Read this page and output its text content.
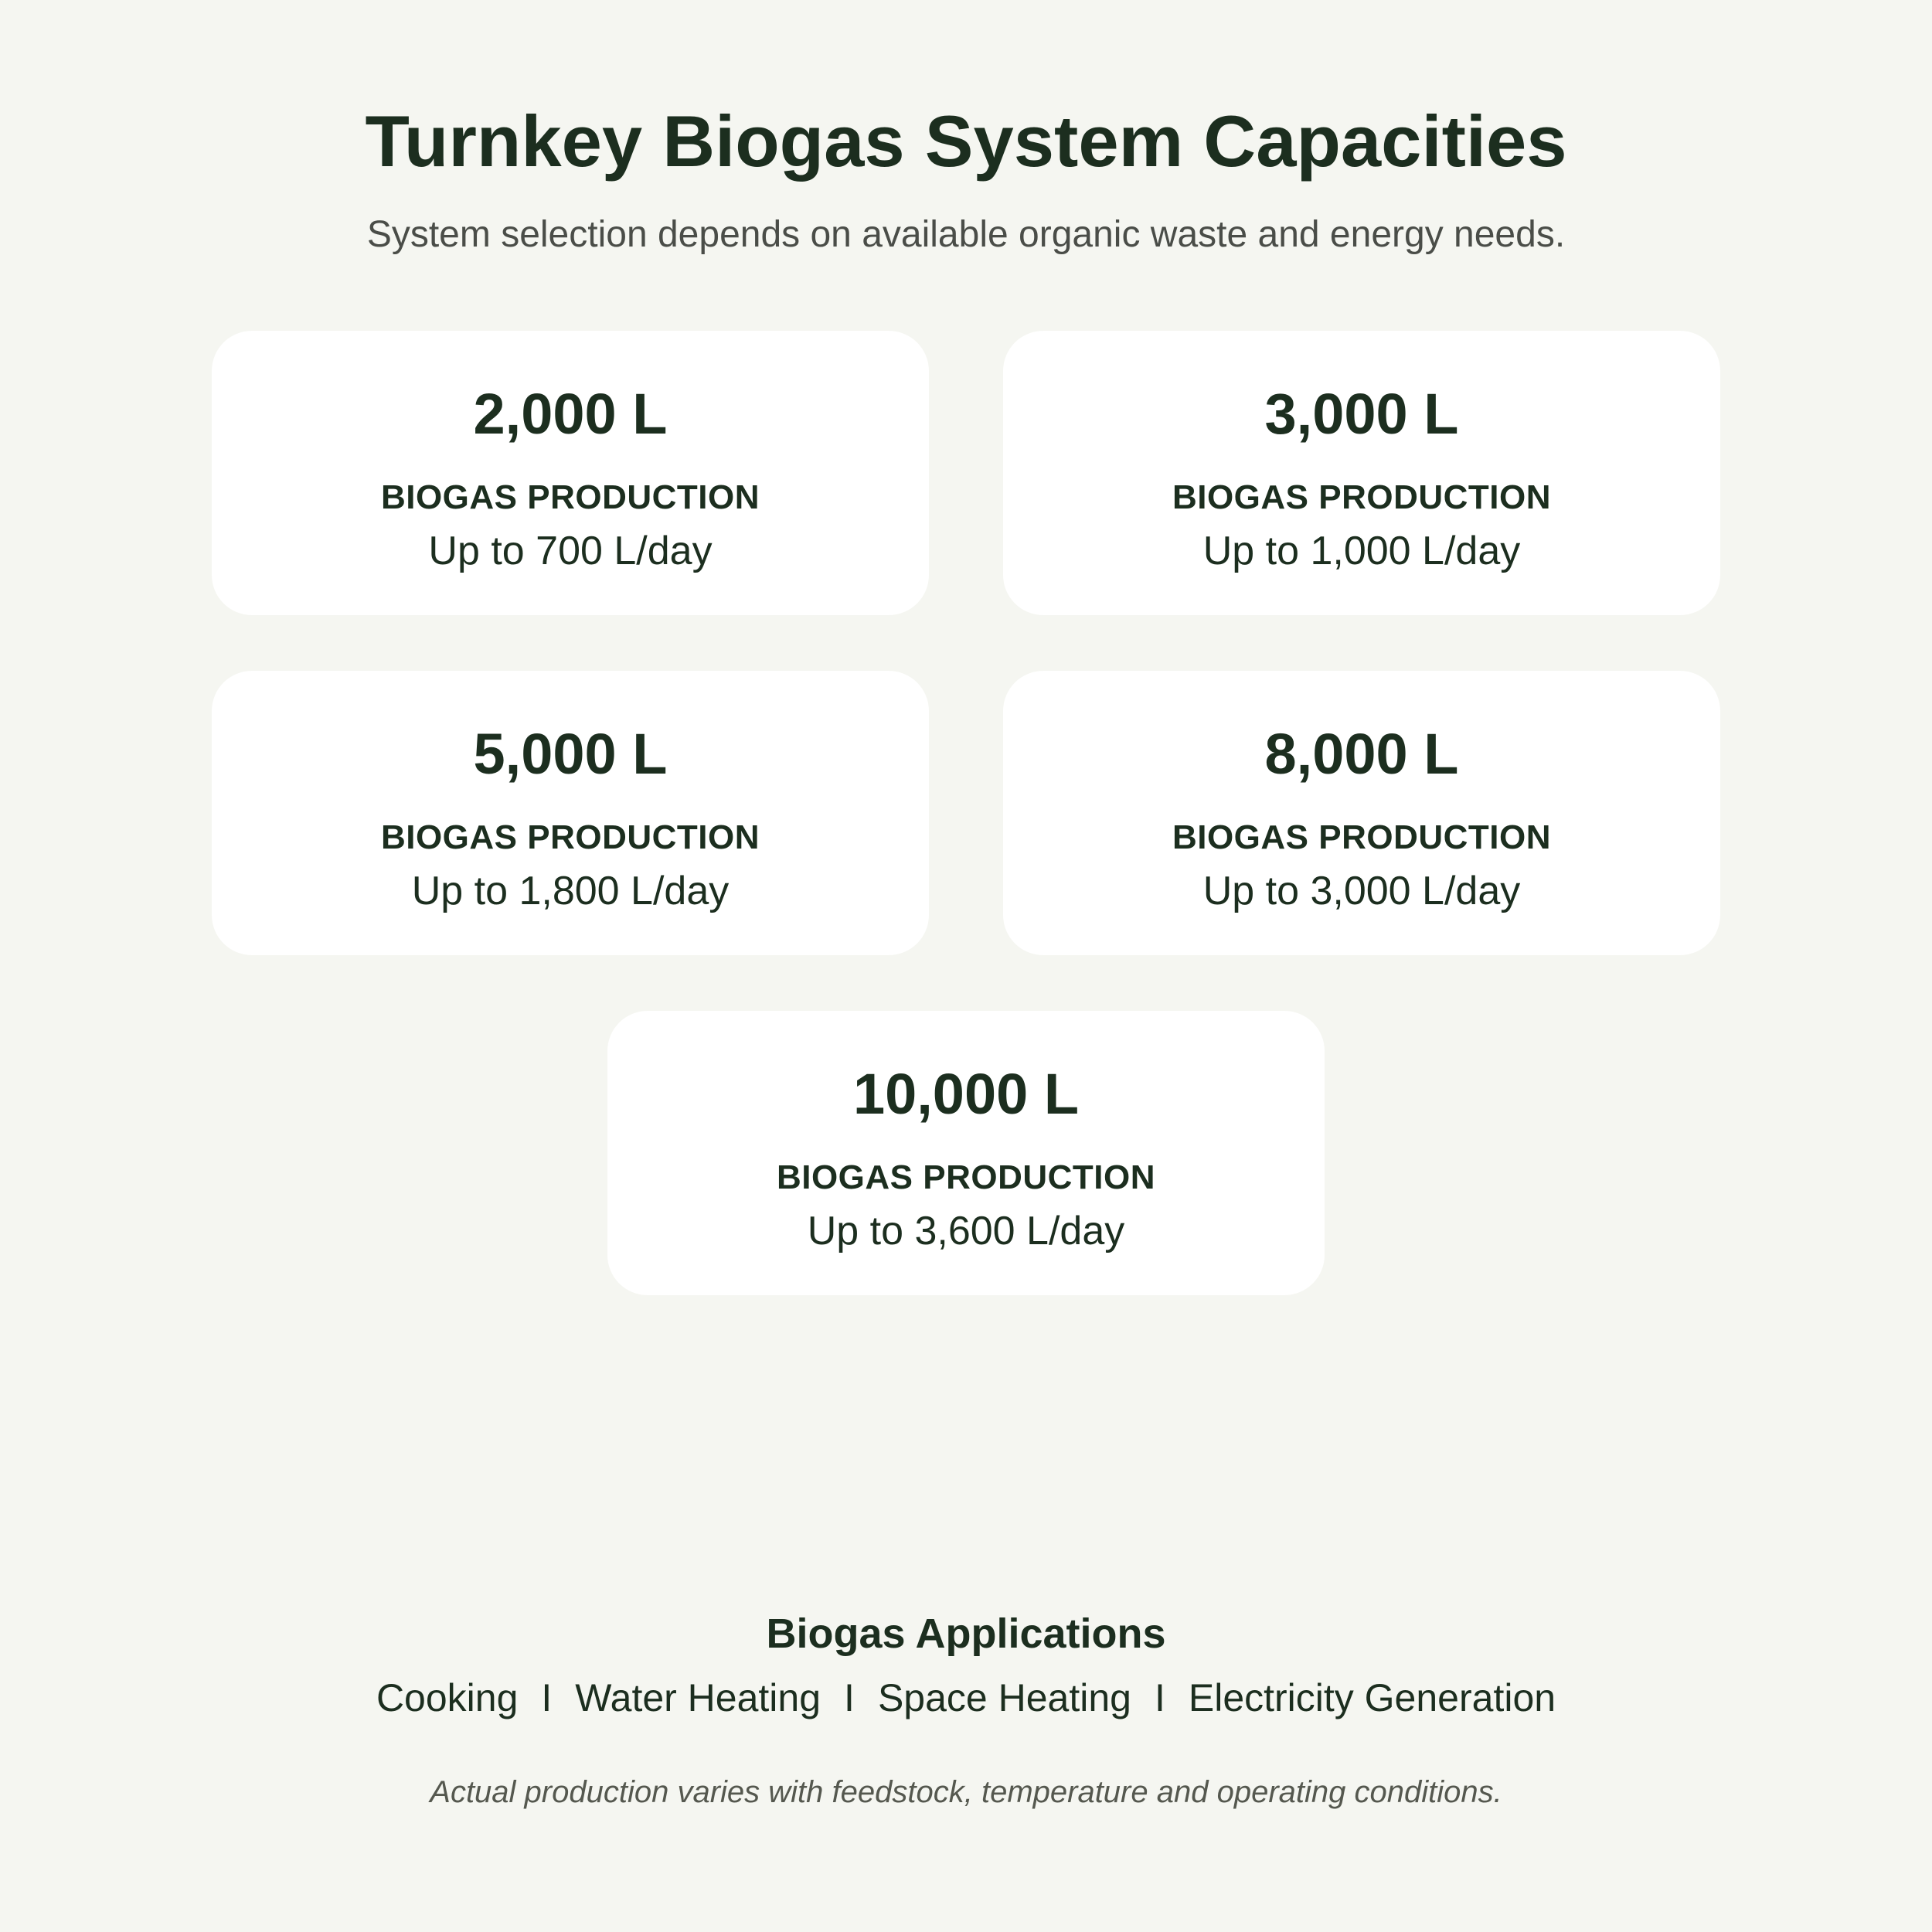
Turnkey Biogas System Capacities

System selection depends on available organic waste and energy needs.

2,000 L
BIOGAS PRODUCTION
Up to 700 L/day
3,000 L
BIOGAS PRODUCTION
Up to 1,000 L/day
5,000 L
BIOGAS PRODUCTION
Up to 1,800 L/day
8,000 L
BIOGAS PRODUCTION
Up to 3,000 L/day
10,000 L
BIOGAS PRODUCTION
Up to 3,600 L/day
Biogas Applications
Cooking I Water Heating I Space Heating I Electricity Generation
Actual production varies with feedstock, temperature and operating conditions.
